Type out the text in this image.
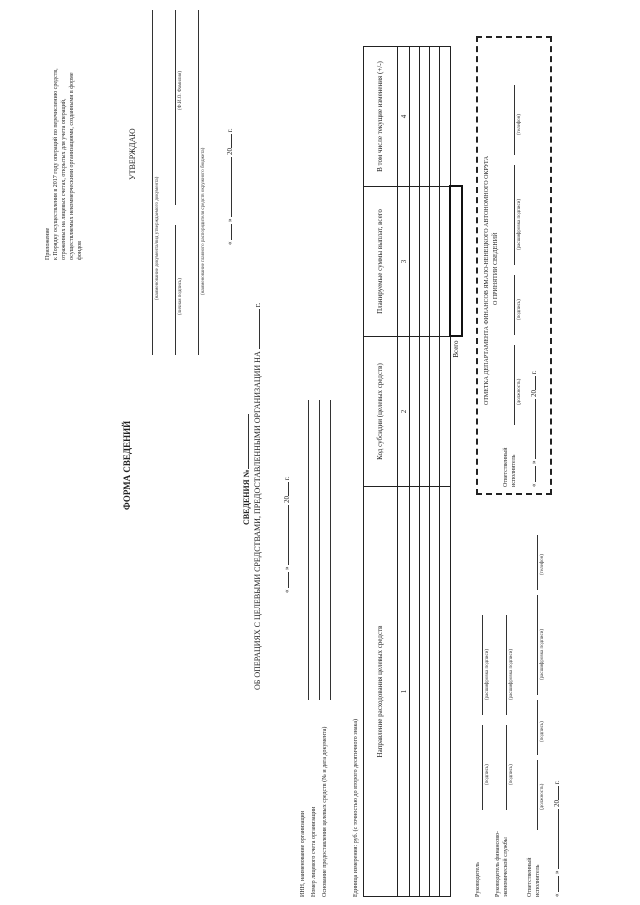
Приложение к Порядку осуществления в 2017 году операций по перечислению средств, отраженных на лицевых счетах, открытых для учета операций, осуществляемых некоммерческими организациями, созданными в форме фондов
ФОРМА СВЕДЕНИЙ
УТВЕРЖДАЮ
(наименование документа/вид утверждаемого документа)	(личная подпись)
(Ф.И.О. Фамилия)
(наименование главного распорядителя средств окружного бюджета)	«  »  20 г.
СВЕДЕНИЯ № ОБ ОПЕРАЦИЯХ С ЦЕЛЕВЫМИ СРЕДСТВАМИ, ПРЕДОСТАВЛЕННЫМИ ОРГАНИЗАЦИИ НА  г.
«  »  20 г.
ИНН, наименование организации Номер лицевого счета организации Основание предоставления целевых средств (№ и дата документа)	Единица измерения: руб. (с точностью до второго десятичного знака)
Направление расходования целевых средств	Код субсидии (целевых средств)	Планируемые суммы выплат, всего	В том числе текущие изменения (+/-)
1	2	3	4

	Всего		
Руководитель
(подпись)
(расшифровка подписи)
Руководитель финансово- экономической службы
(подпись)
(расшифровка подписи)
Ответственный исполнитель
(должность)
(подпись)
(расшифровка подписи)
(телефон)
«  »  20 г.
ОТМЕТКА ДЕПАРТАМЕНТА ФИНАНСОВ ЯМАЛО-НЕНЕЦКОГО АВТОНОМНОГО ОКРУГА О ПРИНЯТИИ СВЕДЕНИЙ
Ответственный исполнитель
(должность)
(подпись)
(расшифровка подписи)
(телефон)
«  »  20 г.
